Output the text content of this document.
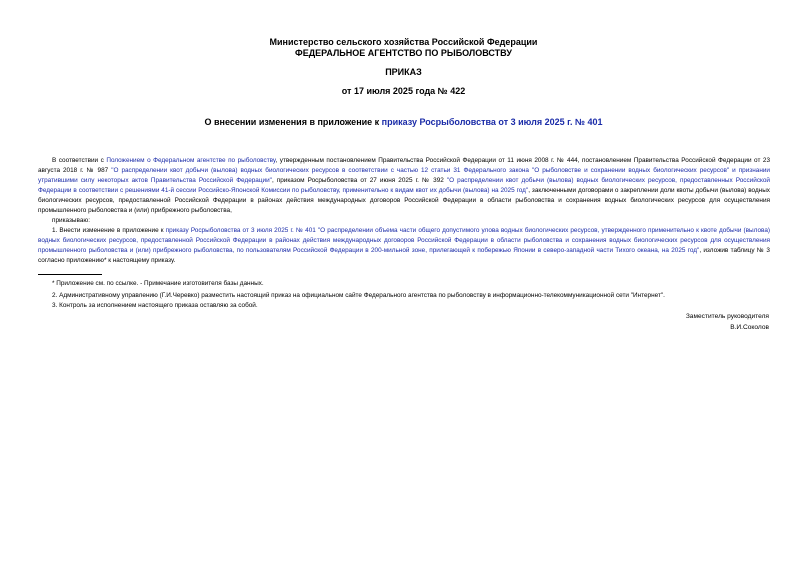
Министерство сельского хозяйства Российской Федерации
ФЕДЕРАЛЬНОЕ АГЕНТСТВО ПО РЫБОЛОВСТВУ
ПРИКАЗ
от 17 июля 2025 года № 422
О внесении изменения в приложение к приказу Росрыболовства от 3 июля 2025 г. № 401

В соответствии с Положением о Федеральном агентстве по рыболовству, утвержденным постановлением Правительства Российской Федерации от 11 июня 2008 г. № 444, постановлением Правительства Российской Федерации от 23 августа 2018 г. № 987 "О распределении квот добычи (вылова) водных биологических ресурсов в соответствии с частью 12 статьи 31 Федерального закона "О рыболовстве и сохранении водных биологических ресурсов" и признании утратившими силу некоторых актов Правительства Российской Федерации", приказом Росрыболовства от 27 июня 2025 г. № 392 "О распределении квот добычи (вылова) водных биологических ресурсов, предоставленных Российской Федерации в соответствии с решениями 41-й сессии Российско-Японской Комиссии по рыболовству, применительно к видам квот их добычи (вылова) на 2025 год", заключенными договорами о закреплении доли квоты добычи (вылова) водных биологических ресурсов, предоставленной Российской Федерации в районах действия международных договоров Российской Федерации в области рыболовства и сохранения водных биологических ресурсов для осуществления промышленного рыболовства и (или) прибрежного рыболовства,

приказываю:

1. Внести изменение в приложение к приказу Росрыболовства от 3 июля 2025 г. № 401 "О распределении объема части общего допустимого улова водных биологических ресурсов, утвержденного применительно к квоте добычи (вылова) водных биологических ресурсов, предоставленной Российской Федерации в районах действия международных договоров Российской Федерации в области рыболовства и сохранения водных биологических ресурсов для осуществления промышленного рыболовства и (или) прибрежного рыболовства, по пользователям Российской Федерации в 200-мильной зоне, прилегающей к побережью Японии в северо-западной части Тихого океана, на 2025 год", изложив таблицу № 3 согласно приложению* к настоящему приказу.

* Приложение см. по ссылке. - Примечание изготовителя базы данных.

2. Административному управлению (Г.И.Черевко) разместить настоящий приказ на официальном сайте Федерального агентства по рыболовству в информационно-телекоммуникационной сети "Интернет".

3. Контроль за исполнением настоящего приказа оставляю за собой.

Заместитель руководителя
В.И.Соколов
